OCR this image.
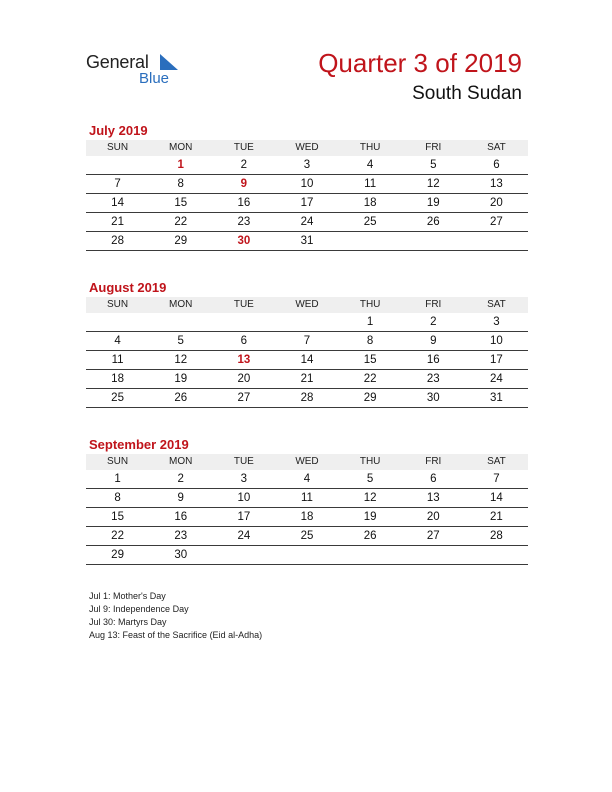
General
Blue
Quarter 3 of 2019
South Sudan
July 2019
SUN	MON	TUE	WED	THU	FRI	SAT
	1	2	3	4	5	6
7	8	9	10	11	12	13
14	15	16	17	18	19	20
21	22	23	24	25	26	27
28	29	30	31			
August 2019
SUN	MON	TUE	WED	THU	FRI	SAT
				1	2	3
4	5	6	7	8	9	10
11	12	13	14	15	16	17
18	19	20	21	22	23	24
25	26	27	28	29	30	31
September 2019
SUN	MON	TUE	WED	THU	FRI	SAT
1	2	3	4	5	6	7
8	9	10	11	12	13	14
15	16	17	18	19	20	21
22	23	24	25	26	27	28
29	30					
Jul 1: Mother's Day
Jul 9: Independence Day
Jul 30: Martyrs Day
Aug 13: Feast of the Sacrifice (Eid al-Adha)
